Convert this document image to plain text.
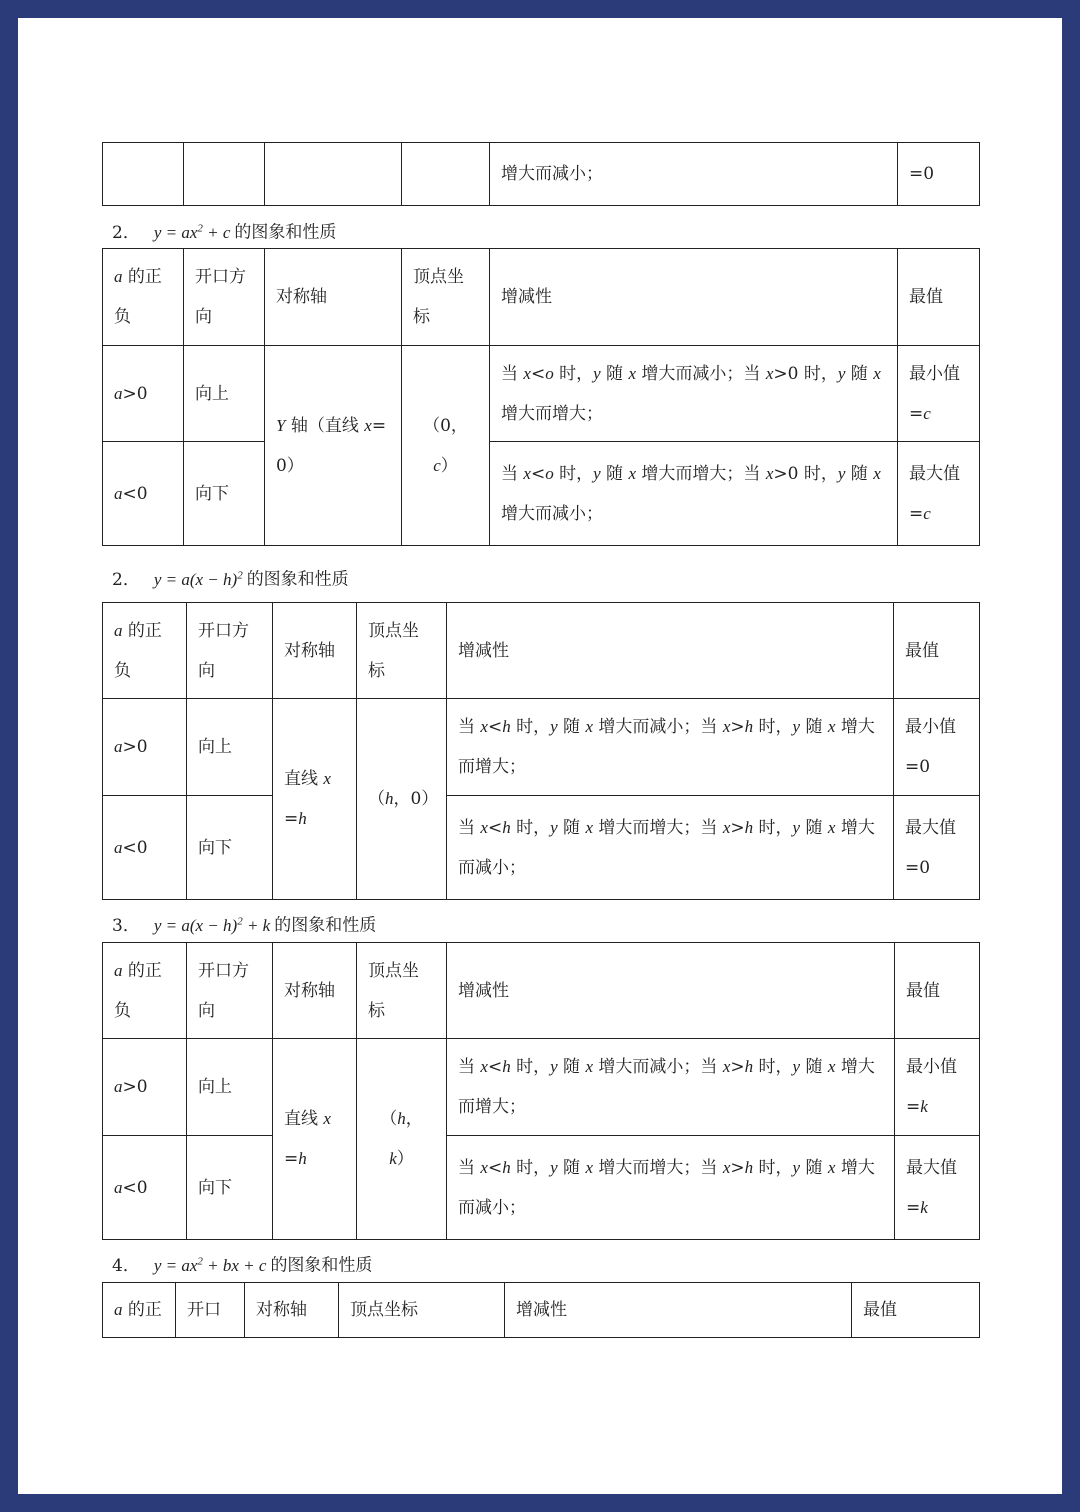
				增大而减小；	=0
2． $y = ax^2 + c$ 的图象和性质
a 的正负	开口方向	对称轴	顶点坐标	增减性	最值
a>0	向上	Y 轴（直线 x=0）	（0，c）	当 x<o 时，y 随 x 增大而减小；当 x>0 时，y 随 x 增大而增大；	最小值 =c
a<0	向下			当 x<o 时，y 随 x 增大而增大；当 x>0 时，y 随 x 增大而减小；	最大值 =c
2． $y = a(x - h)^2$ 的图象和性质
a 的正负	开口方向	对称轴	顶点坐标	增减性	最值
a>0	向上	直线 x=h	（h，0）	当 x<h 时，y 随 x 增大而减小；当 x>h 时，y 随 x 增大而增大；	最小值 =0
a<0	向下			当 x<h 时，y 随 x 增大而增大；当 x>h 时，y 随 x 增大而减小；	最大值 =0
3． $y = a(x - h)^2 + k$ 的图象和性质
a 的正负	开口方向	对称轴	顶点坐标	增减性	最值
a>0	向上	直线 x=h	（h，k）	当 x<h 时，y 随 x 增大而减小；当 x>h 时，y 随 x 增大而增大；	最小值 =k
a<0	向下			当 x<h 时，y 随 x 增大而增大；当 x>h 时，y 随 x 增大而减小；	最大值 =k
4． $y = ax^2$ + bx + c 的图象和性质
a 的正	开口	对称轴	顶点坐标	增减性	最值
